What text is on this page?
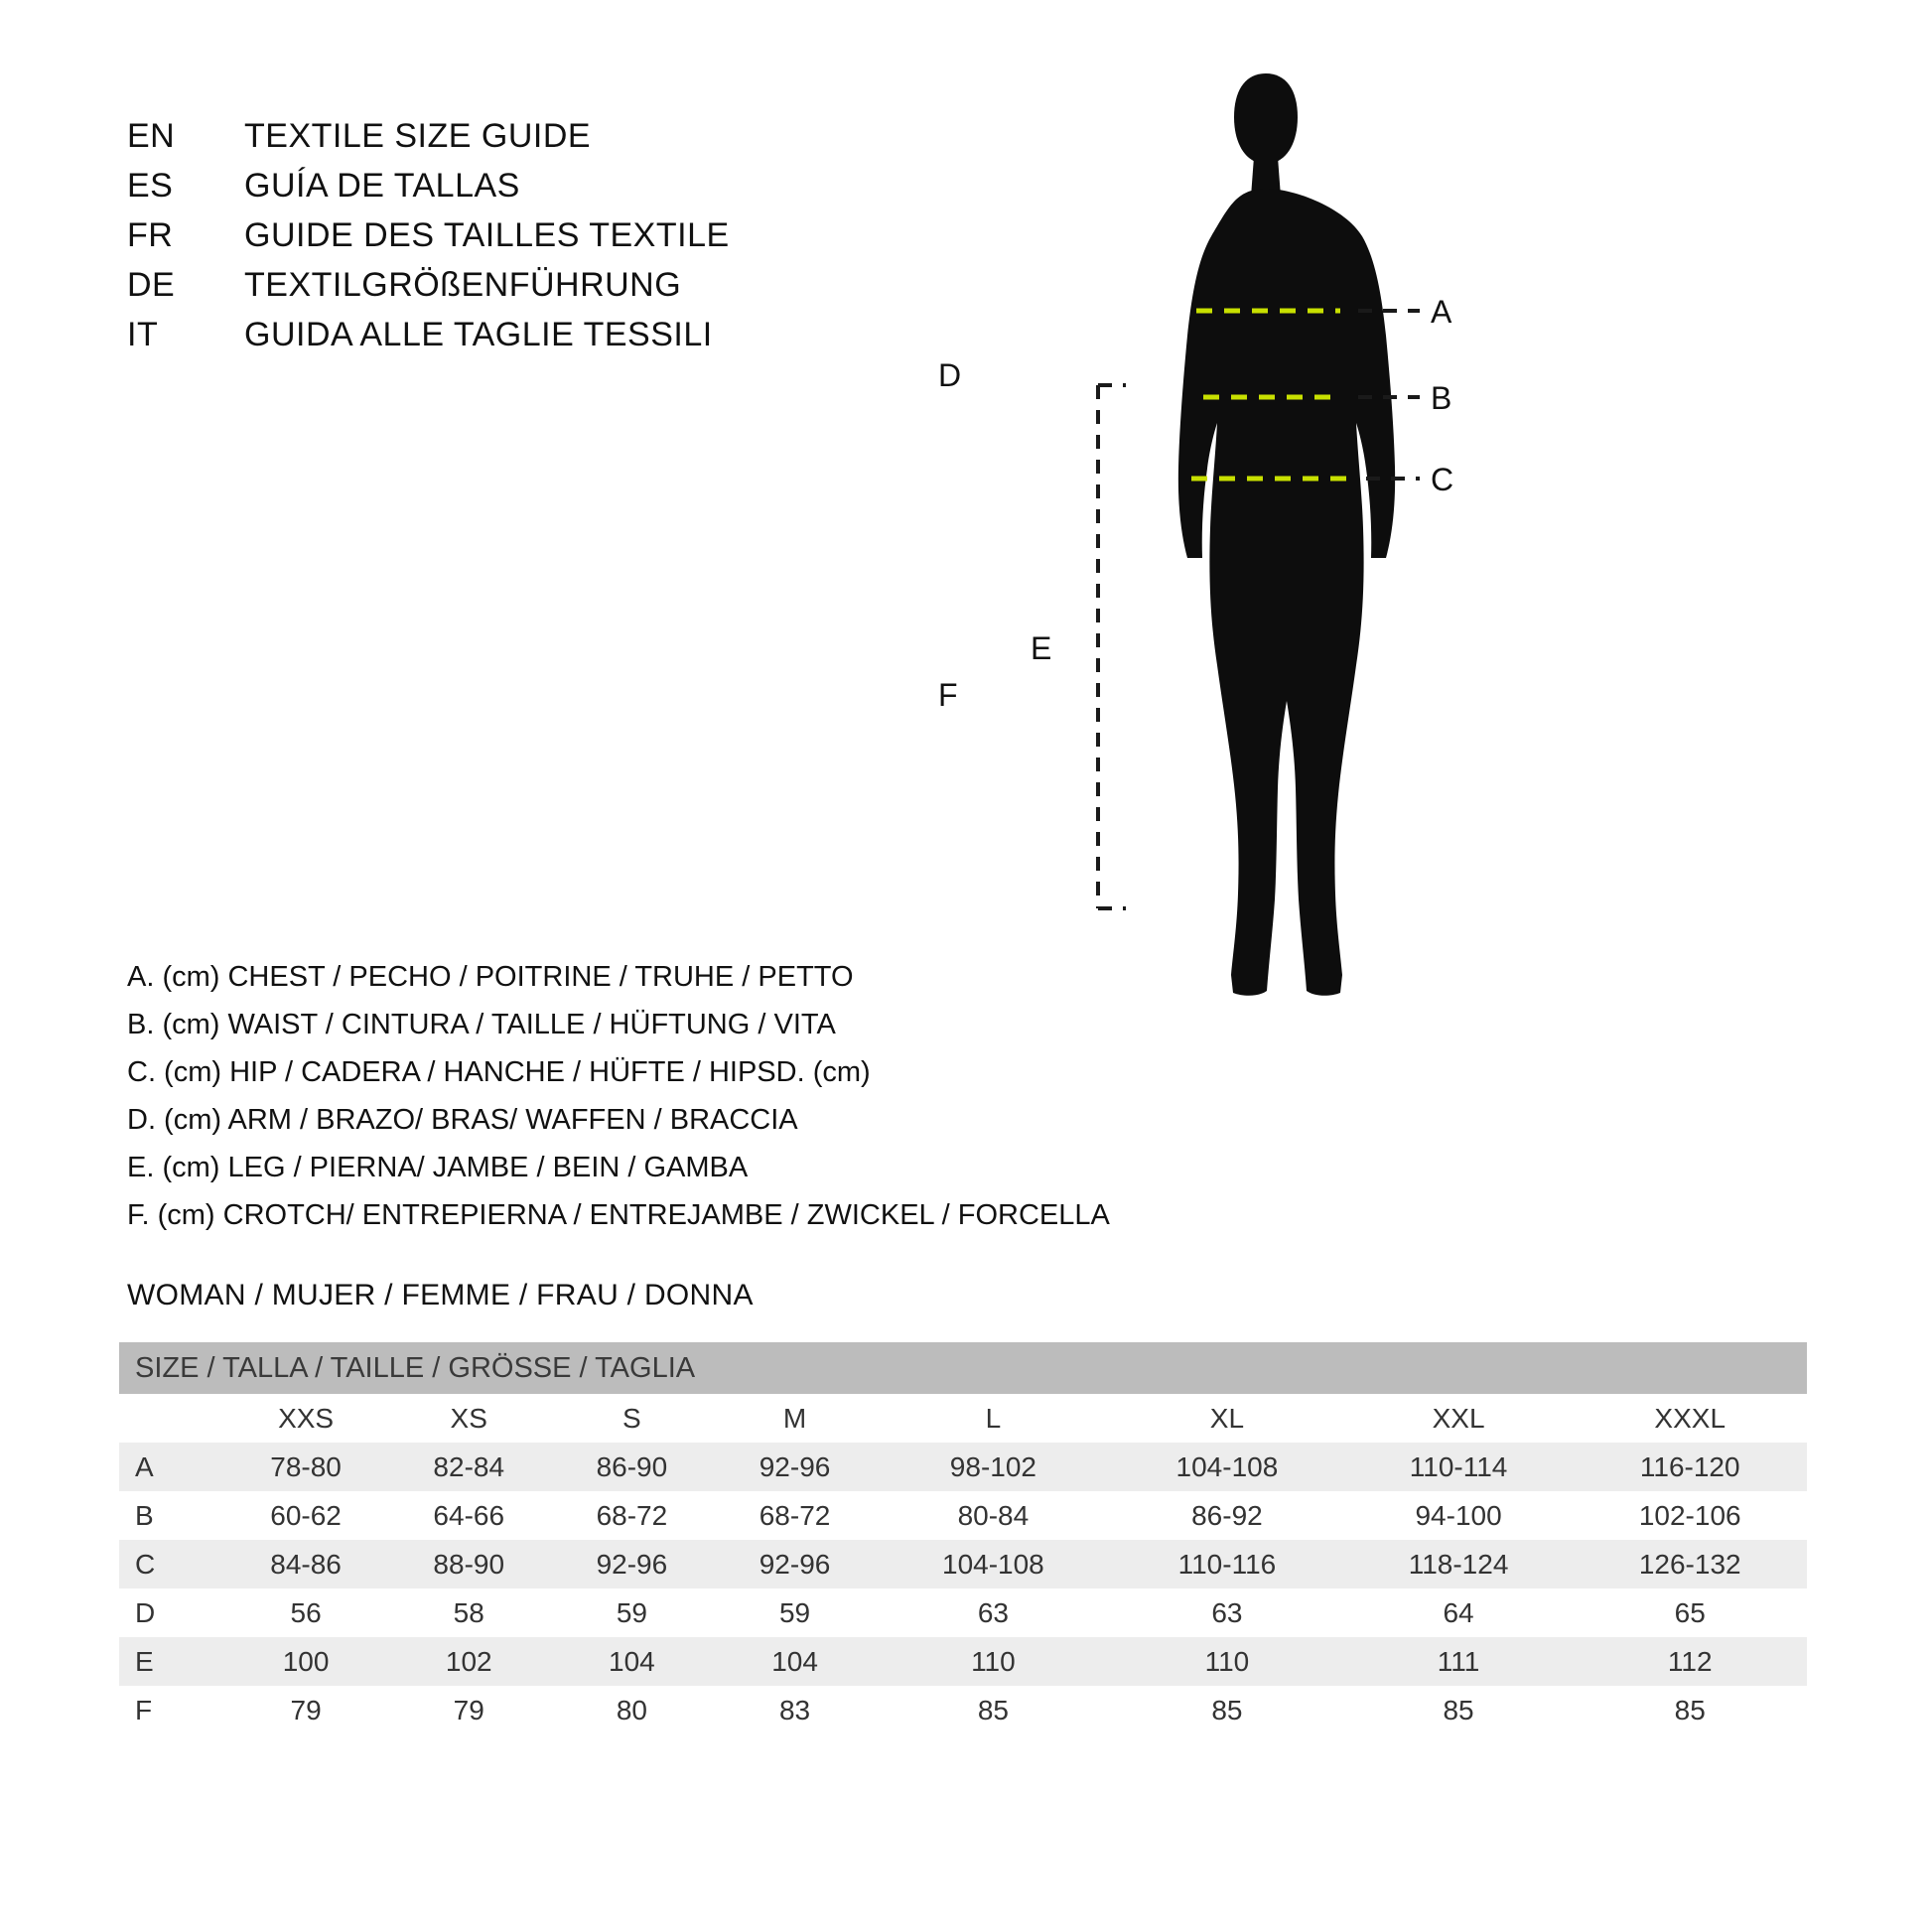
EN	TEXTILE SIZE GUIDE
ES	GUÍA DE TALLAS
FR	GUIDE DES TAILLES TEXTILE
DE	TEXTILGRÖßENFÜHRUNG
IT	GUIDA ALLE TAGLIE TESSILI
A
B
C
D
F
E
A. (cm) CHEST / PECHO / POITRINE / TRUHE / PETTO
B. (cm) WAIST / CINTURA / TAILLE / HÜFTUNG / VITA
C. (cm) HIP / CADERA / HANCHE / HÜFTE / HIPSD. (cm)
D. (cm) ARM / BRAZO/ BRAS/ WAFFEN / BRACCIA
E. (cm) LEG / PIERNA/ JAMBE / BEIN / GAMBA
F. (cm) CROTCH/ ENTREPIERNA / ENTREJAMBE / ZWICKEL / FORCELLA
WOMAN / MUJER / FEMME / FRAU / DONNA
SIZE / TALLA / TAILLE / GRÖSSE / TAGLIA								
	XXS	XS	S	M	L	XL	XXL	XXXL
A	78-80	82-84	86-90	92-96	98-102	104-108	110-114	116-120
B	60-62	64-66	68-72	68-72	80-84	86-92	94-100	102-106
C	84-86	88-90	92-96	92-96	104-108	110-116	118-124	126-132
D	56	58	59	59	63	63	64	65
E	100	102	104	104	110	110	111	112
F	79	79	80	83	85	85	85	85
